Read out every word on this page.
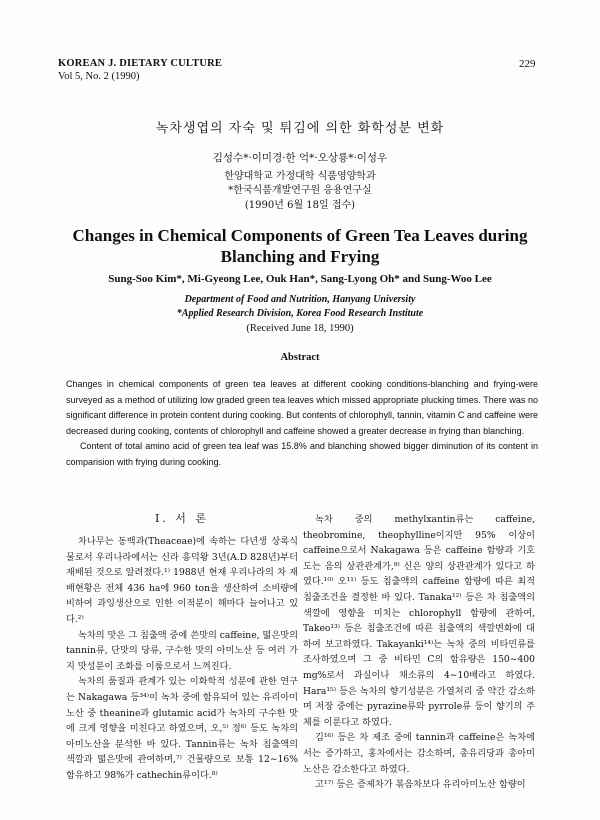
KOREAN J. DIETARY CULTURE
Vol 5, No. 2 (1990)
229
녹차생엽의 자숙 및 튀김에 의한 화학성분 변화
김성수*·이미경·한 억*·오상룡*·이성우
한양대학교 가정대학 식품영양학과
*한국식품개발연구원 응용연구실
(1990년 6월 18일 접수)
Changes in Chemical Components of Green Tea Leaves during Blanching and Frying
Sung-Soo Kim*, Mi-Gyeong Lee, Ouk Han*, Sang-Lyong Oh* and Sung-Woo Lee
Department of Food and Nutrition, Hanyang University
*Applied Research Division, Korea Food Research Institute
(Received June 18, 1990)
Abstract

Changes in chemical components of green tea leaves at different cooking conditions-blanching and frying-were surveyed as a method of utilizing low graded green tea leaves which missed appropriate plucking times. There was no significant difference in protein content during cooking. But contents of chlorophyll, tannin, vitamin C and caffeine were decreased during cooking, contents of chlorophyll and caffeine showed a greater decrease in frying than blanching.

Content of total amino acid of green tea leaf was 15.8% and blanching showed bigger diminution of its content in comparision with frying during cooking.

I. 서 론

차나무는 동백과(Theaceae)에 속하는 다년생 상록식물로서 우리나라에서는 신라 흥덕왕 3년(A.D 828년)부터 재배된 것으로 알려졌다.¹⁾ 1988년 현재 우리나라의 차 재배현황은 전체 436 ha에 960 ton을 생산하여 소비량에 비하여 과잉생산으로 인한 이적분이 해마다 늘어나고 있다.²⁾

녹차의 맛은 그 침출액 중에 쓴맛의 caffeine, 떫은맛의 tannin류, 단맛의 당류, 구수한 맛의 아미노산 등 여러 가지 맛성분이 조화를 이룸으로서 느껴진다.

녹차의 품질과 관계가 있는 이화학적 성분에 관한 연구는 Nakagawa 등³⁴⁾이 녹차 중에 함유되어 있는 유리아미노산 중 theanine과 glutamic acid가 녹차의 구수한 맛에 크게 영향을 미친다고 하였으며, 오,⁵⁾ 정⁶⁾ 등도 녹차의 아미노산을 분석한 바 있다. Tannin류는 녹차 침출액의 색깔과 떫은맛에 관여하며,⁷⁾ 건물량으로 보통 12∼16% 함유하고 98%가 cathechin류이다.⁸⁾

녹차 중의 methylxantin류는 caffeine, theobromine, theophylline이지만 95% 이상이 caffeine으로서 Nakagawa 등은 caffeine 함량과 기호도는 음의 상관관계가,⁹⁾ 신은 양의 상관관계가 있다고 하였다.¹⁰⁾ 오¹¹⁾ 등도 침출액의 caffeine 함량에 따른 최적 침출조건을 결정한 바 있다. Tanaka¹²⁾ 등은 차 침출액의 색깔에 영향을 미치는 chlorophyll 함량에 관하여, Takeo¹³⁾ 등은 침출조건에 따른 침출액의 색깔변화에 대하여 보고하였다. Takayanki¹⁴⁾는 녹차 중의 비타민류를 조사하였으며 그 중 비타민 C의 함유량은 150∼400 mg%로서 과실이나 채소류의 4∼10배라고 하였다. Hara¹⁵⁾ 등은 녹차의 향기성분은 가열처리 중 약간 감소하며 저장 중에는 pyrazine류와 pyrrole류 등이 향기의 주체를 이룬다고 하였다.

김¹⁶⁾ 등은 차 제조 중에 tannin과 caffeine은 녹차에서는 증가하고, 홍차에서는 감소하며, 총유리당과 총아미노산은 감소한다고 하였다.

고¹⁷⁾ 등은 증제차가 볶음차보다 유리아미노산 함량이
